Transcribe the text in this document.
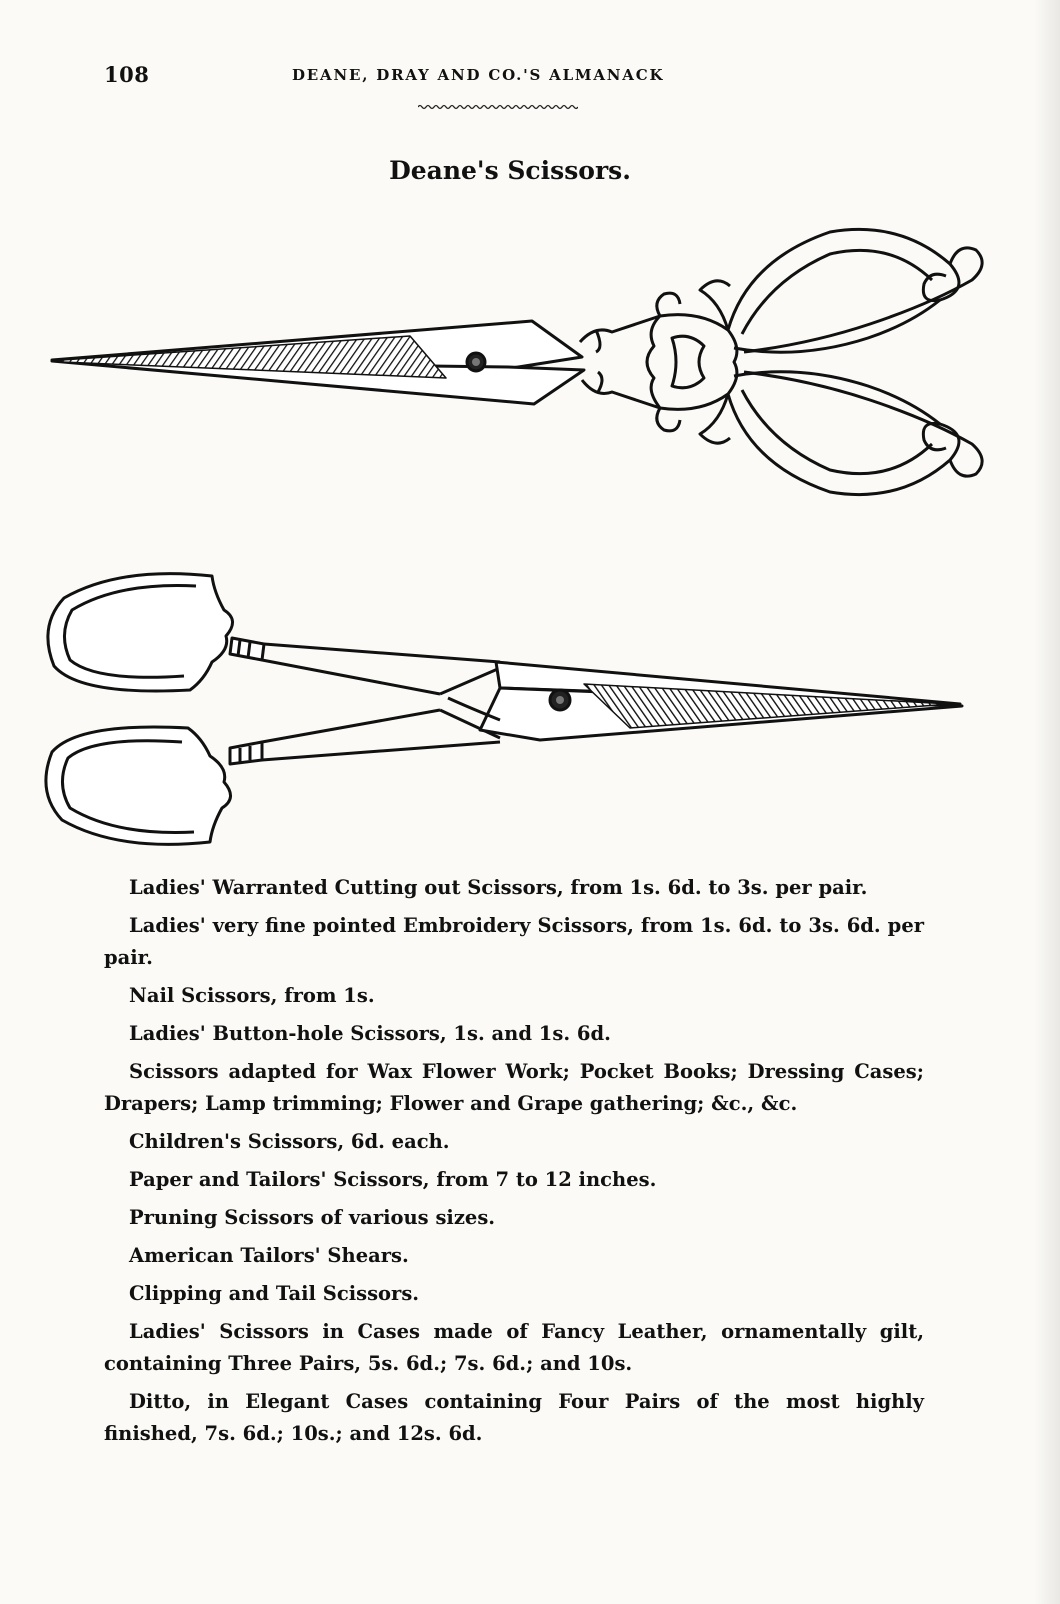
108	DEANE, DRAY AND CO.'S ALMANACK
Deane's Scissors.

Ladies' Warranted Cutting out Scissors, from 1s. 6d. to 3s. per pair.

Ladies' very fine pointed Embroidery Scissors, from 1s. 6d. to 3s. 6d. per pair.

Nail Scissors, from 1s.

Ladies' Button-hole Scissors, 1s. and 1s. 6d.

Scissors adapted for Wax Flower Work; Pocket Books; Dressing Cases; Drapers; Lamp trimming; Flower and Grape gathering; &c., &c.

Children's Scissors, 6d. each.

Paper and Tailors' Scissors, from 7 to 12 inches.

Pruning Scissors of various sizes.

American Tailors' Shears.

Clipping and Tail Scissors.

Ladies' Scissors in Cases made of Fancy Leather, ornamentally gilt, containing Three Pairs, 5s. 6d.; 7s. 6d.; and 10s.

Ditto, in Elegant Cases containing Four Pairs of the most highly finished, 7s. 6d.; 10s.; and 12s. 6d.
